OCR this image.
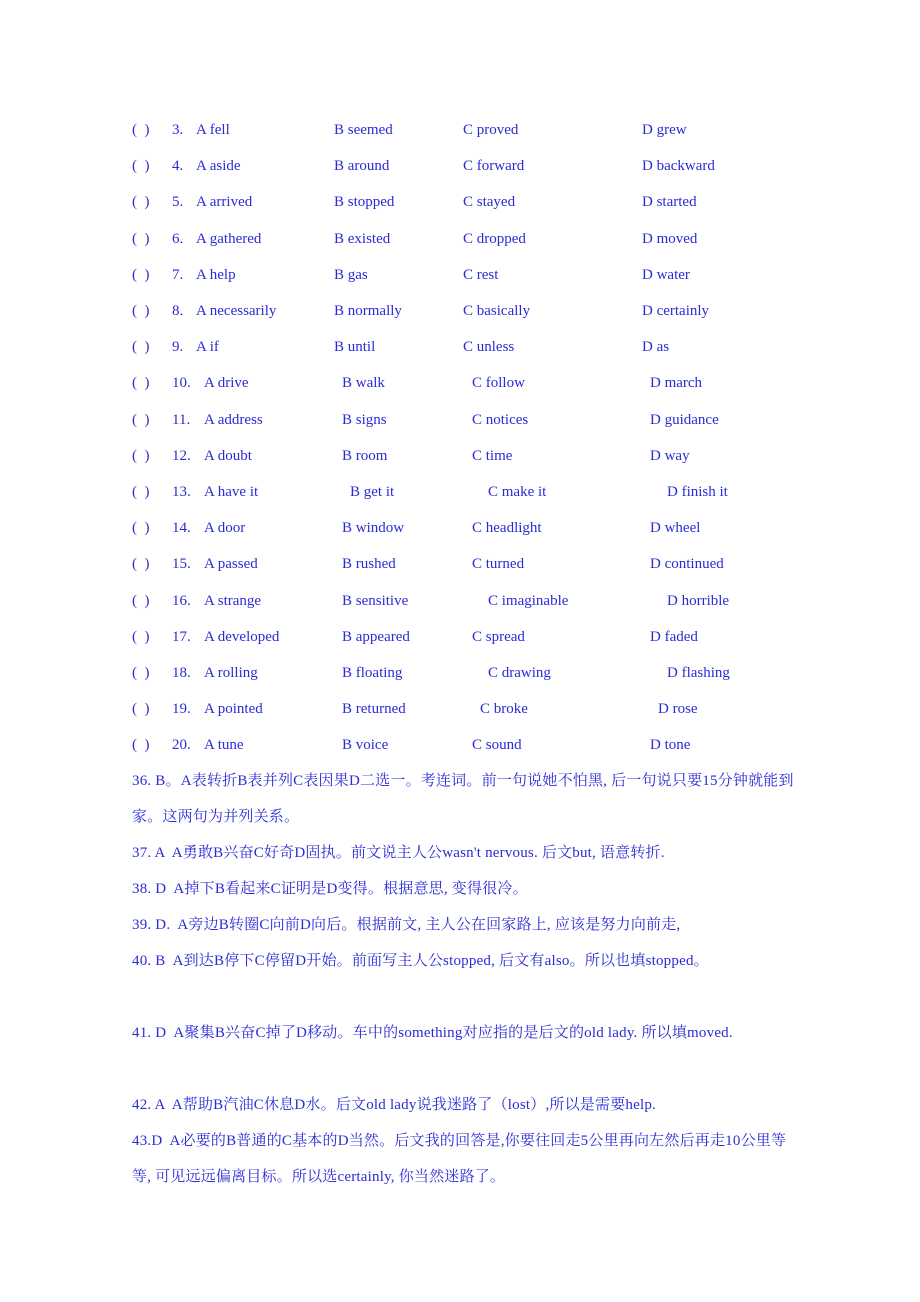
(  ) 3. A fell	B seemed	C proved	D grew
(  ) 4. A aside	B around	C forward	D backward
(  ) 5. A arrived	B stopped	C stayed	D started
(  ) 6. A gathered	B existed	C dropped	D moved
(  ) 7. A help	B gas	C rest	D water
(  ) 8. A necessarily	B normally	C basically	D certainly
(  ) 9. A if	B until	C unless	D as
(  ) 10. A drive	B walk	C follow	D march
(  ) 11. A address	B signs	C notices	D guidance
(  ) 12. A doubt	B room	C time	D way
(  ) 13. A have it	B get it	C make it	D finish it
(  ) 14. A door	B window	C headlight	D wheel
(  ) 15. A passed	B rushed	C turned	D continued
(  ) 16. A strange	B sensitive	C imaginable	D horrible
(  ) 17. A developed	B appeared	C spread	D faded
(  ) 18. A rolling	B floating	C drawing	D flashing
(  ) 19. A pointed	B returned	C broke	D rose
(  ) 20. A tune	B voice	C sound	D tone
36. B。A表转折B表并列C表因果D二选一。考连词。前一句说她不怕黑, 后一句说只要15分钟就能到家。这两句为并列关系。
37. A  A勇敢B兴奋C好奇D固执。前文说主人公wasn't nervous. 后文but, 语意转折.
38. D  A掉下B看起来C证明是D变得。根据意思, 变得很冷。
39. D.  A旁边B转圈C向前D向后。根据前文, 主人公在回家路上, 应该是努力向前走,
40. B  A到达B停下C停留D开始。前面写主人公stopped, 后文有also。所以也填stopped。
41. D  A聚集B兴奋C掉了D移动。车中的something对应指的是后文的old lady. 所以填moved.
42. A  A帮助B汽油C休息D水。后文old lady说我迷路了（lost）,所以是需要help.
43.D  A必要的B普通的C基本的D当然。后文我的回答是,你要往回走5公里再向左然后再走10公里等等, 可见远远偏离目标。所以选certainly, 你当然迷路了。
